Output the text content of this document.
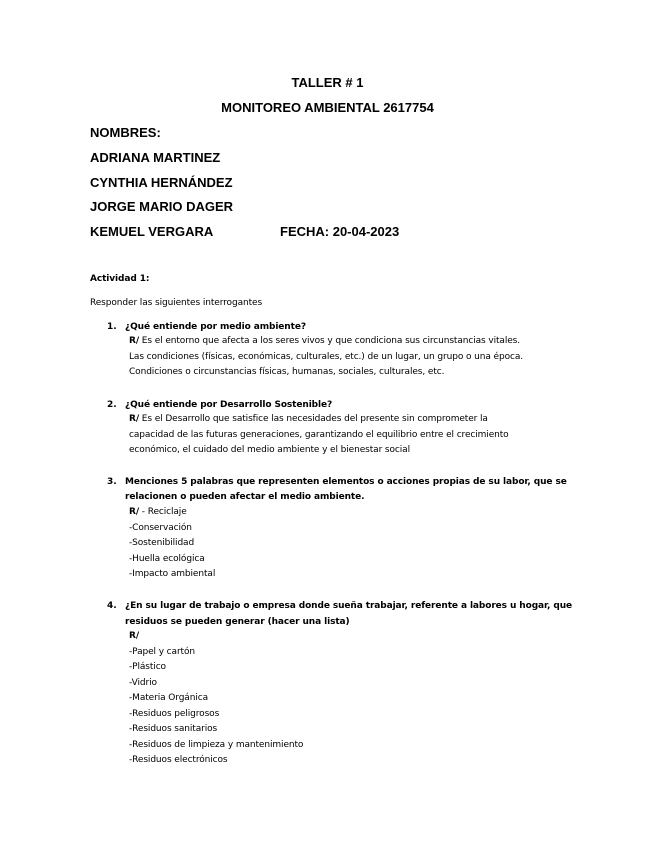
TALLER # 1
MONITOREO AMBIENTAL 2617754
NOMBRES:
ADRIANA MARTINEZ
CYNTHIA HERNÁNDEZ
JORGE MARIO DAGER
KEMUEL VERGARA	FECHA: 20-04-2023
Actividad 1:
Responder las siguientes interrogantes
1. ¿Qué entiende por medio ambiente?
R/ Es el entorno que afecta a los seres vivos y que condiciona sus circunstancias vitales.
Las condiciones (físicas, económicas, culturales, etc.) de un lugar, un grupo o una época.
Condiciones o circunstancias físicas, humanas, sociales, culturales, etc.
2. ¿Qué entiende por Desarrollo Sostenible?
R/ Es el Desarrollo que satisfice las necesidades del presente sin comprometer la
capacidad de las futuras generaciones, garantizando el equilibrio entre el crecimiento
económico, el cuidado del medio ambiente y el bienestar social
3. Menciones 5 palabras que representen elementos o acciones propias de su labor, que se
relacionen o pueden afectar el medio ambiente.
R/ - Reciclaje
-Conservación
-Sostenibilidad
-Huella ecológica
-Impacto ambiental
4. ¿En su lugar de trabajo o empresa donde sueña trabajar, referente a labores u hogar, que
residuos se pueden generar (hacer una lista)
R/
-Papel y cartón
-Plástico
-Vidrio
-Materia Orgánica
-Residuos peligrosos
-Residuos sanitarios
-Residuos de limpieza y mantenimiento
-Residuos electrónicos
